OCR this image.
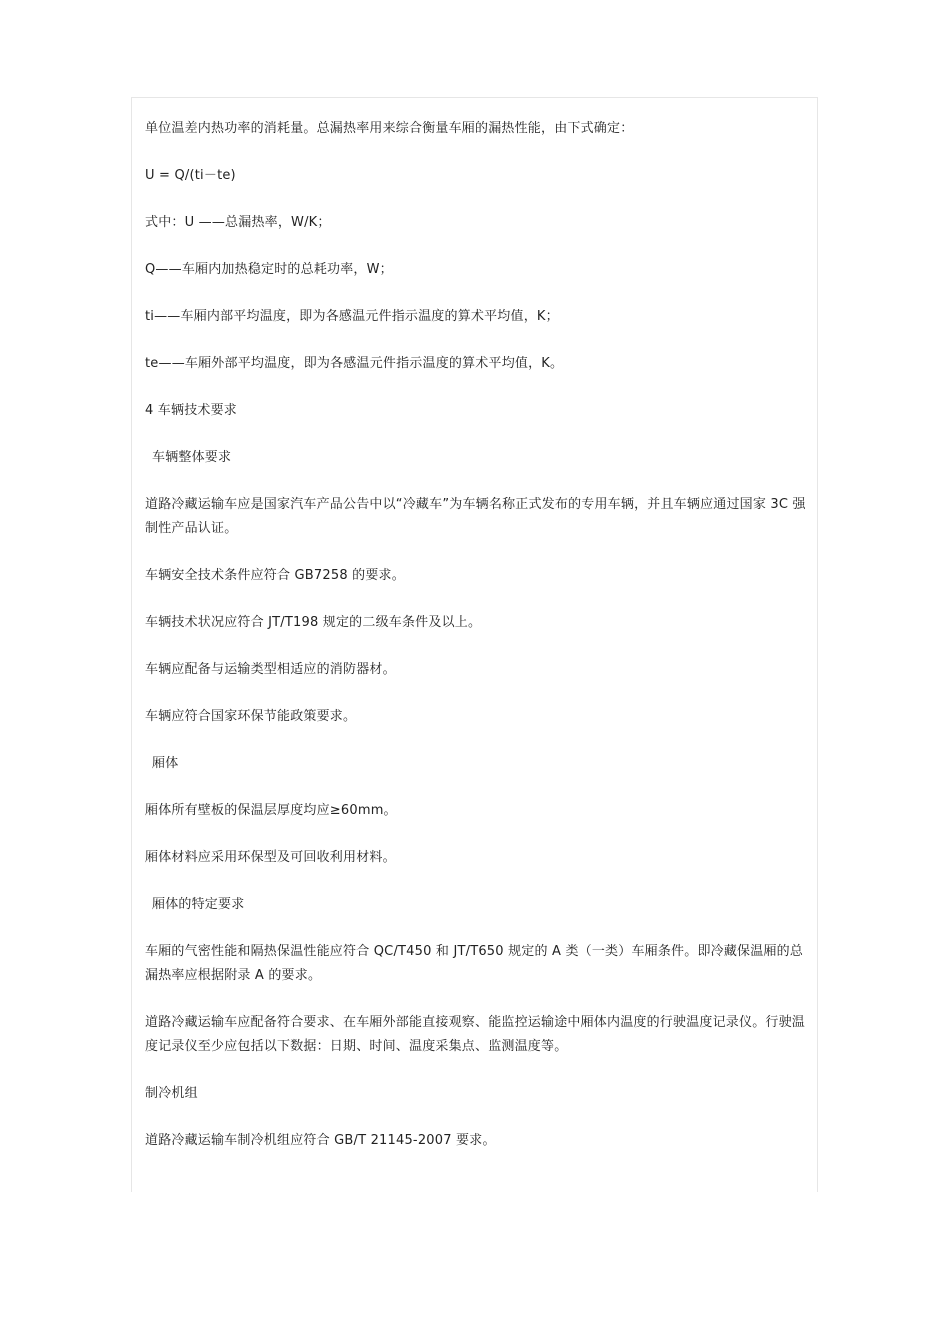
单位温差内热功率的消耗量。总漏热率用来综合衡量车厢的漏热性能，由下式确定：

U = Q/(ti－te)

式中：U ——总漏热率，W/K；

Q——车厢内加热稳定时的总耗功率，W；

ti——车厢内部平均温度，即为各感温元件指示温度的算术平均值，K；

te——车厢外部平均温度，即为各感温元件指示温度的算术平均值，K。

4 车辆技术要求

车辆整体要求

道路冷藏运输车应是国家汽车产品公告中以“冷藏车”为车辆名称正式发布的专用车辆，并且车辆应通过国家 3C 强制性产品认证。

车辆安全技术条件应符合 GB7258 的要求。

车辆技术状况应符合 JT/T198 规定的二级车条件及以上。

车辆应配备与运输类型相适应的消防器材。

车辆应符合国家环保节能政策要求。

厢体

厢体所有壁板的保温层厚度均应≥60mm。

厢体材料应采用环保型及可回收利用材料。

厢体的特定要求

车厢的气密性能和隔热保温性能应符合 QC/T450 和 JT/T650 规定的 A 类（一类）车厢条件。即冷藏保温厢的总漏热率应根据附录 A 的要求。

道路冷藏运输车应配备符合要求、在车厢外部能直接观察、能监控运输途中厢体内温度的行驶温度记录仪。行驶温度记录仪至少应包括以下数据：日期、时间、温度采集点、监测温度等。

制冷机组

道路冷藏运输车制冷机组应符合 GB/T 21145-2007 要求。
